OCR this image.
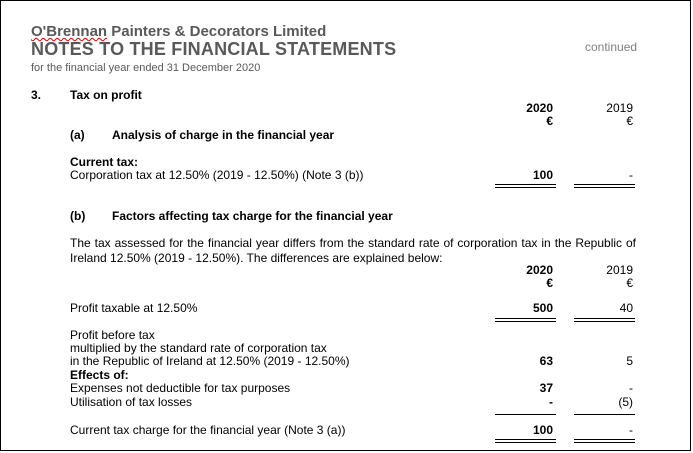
O'Brennan Painters & Decorators Limited
NOTES TO THE FINANCIAL STATEMENTS
for the financial year ended 31 December 2020
continued
3. Tax on profit
2020	2019
€	€
(a) Analysis of charge in the financial year
Current tax:
Corporation tax at 12.50% (2019 - 12.50%) (Note 3 (b))	100	-
(b) Factors affecting tax charge for the financial year
The tax assessed for the financial year differs from the standard rate of corporation tax in the Republic of Ireland 12.50% (2019 - 12.50%). The differences are explained below:
2020	2019
€	€
Profit taxable at 12.50%	500	40
Profit before tax
multiplied by the standard rate of corporation tax
in the Republic of Ireland at 12.50% (2019 - 12.50%)	63	5
Effects of:
Expenses not deductible for tax purposes	37	-
Utilisation of tax losses	-	(5)
Current tax charge for the financial year (Note 3 (a))	100	-
